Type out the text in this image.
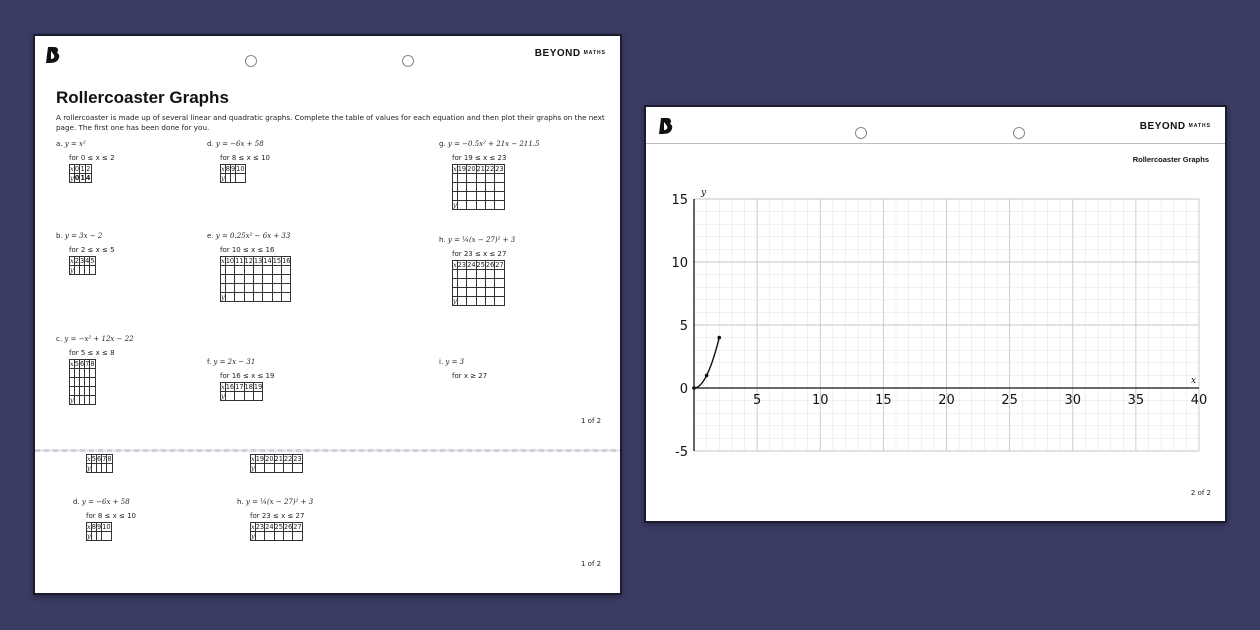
BEYOND MATHS
Rollercoaster Graphs
A rollercoaster is made up of several linear and quadratic graphs. Complete the table of values for each equation and then plot their graphs on the next page. The first one has been done for you.
a. y = x²
for 0 ≤ x ≤ 2
x	0	1	2
y	0	1	4
b. y = 3x − 2
for 2 ≤ x ≤ 5
x	2	3	4	5
y				
c. y = −x² + 12x − 22
for 5 ≤ x ≤ 8
x	5	6	7	8

y				
d. y = −6x + 58
for 8 ≤ x ≤ 10
x	8	9	10
y			
e. y = 0.25x² − 6x + 33
for 10 ≤ x ≤ 16
x	10	11	12	13	14	15	16

y							
f. y = 2x − 31
for 16 ≤ x ≤ 19
x	16	17	18	19
y				
g. y = −0.5x² + 21x − 211.5
for 19 ≤ x ≤ 23
x	19	20	21	22	23

y					
h. y = ¼(x − 27)² + 3
for 23 ≤ x ≤ 27
x	23	24	25	26	27

y					
i. y = 3
for x ≥ 27
1 of 2
x	5	6	7	8
y				
x	19	20	21	22	23
y					
d. y = −6x + 58
for 8 ≤ x ≤ 10
x	8	9	10
y			
h. y = ¼(x − 27)² + 3
for 23 ≤ x ≤ 27
x	23	24	25	26	27
y					
1 of 2
BEYOND MATHS
Rollercoaster Graphs
5	10	15	20	25	30	35	40
-5
0
5
10
15
x
y
2 of 2
